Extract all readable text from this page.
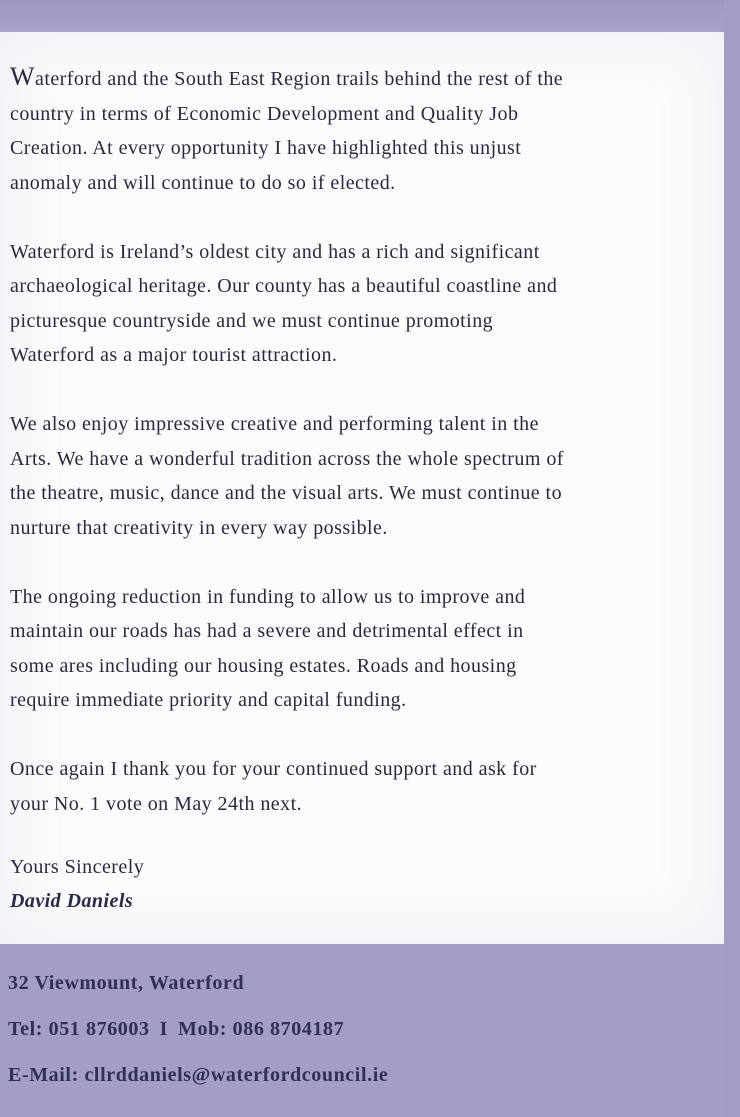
Waterford and the South East Region trails behind the rest of the
country in terms of Economic Development and Quality Job
Creation. At every opportunity I have highlighted this unjust
anomaly and will continue to do so if elected.

Waterford is Ireland’s oldest city and has a rich and significant
archaeological heritage. Our county has a beautiful coastline and
picturesque countryside and we must continue promoting
Waterford as a major tourist attraction.

We also enjoy impressive creative and performing talent in the
Arts. We have a wonderful tradition across the whole spectrum of
the theatre, music, dance and the visual arts. We must continue to
nurture that creativity in every way possible.

The ongoing reduction in funding to allow us to improve and
maintain our roads has had a severe and detrimental effect in
some ares including our housing estates. Roads and housing
require immediate priority and capital funding.

Once again I thank you for your continued support and ask for
your No. 1 vote on May 24th next.

Yours Sincerely
David Daniels
32 Viewmount, Waterford
Tel: 051 876003 I Mob: 086 8704187
E-Mail: cllrddaniels@waterfordcouncil.ie
